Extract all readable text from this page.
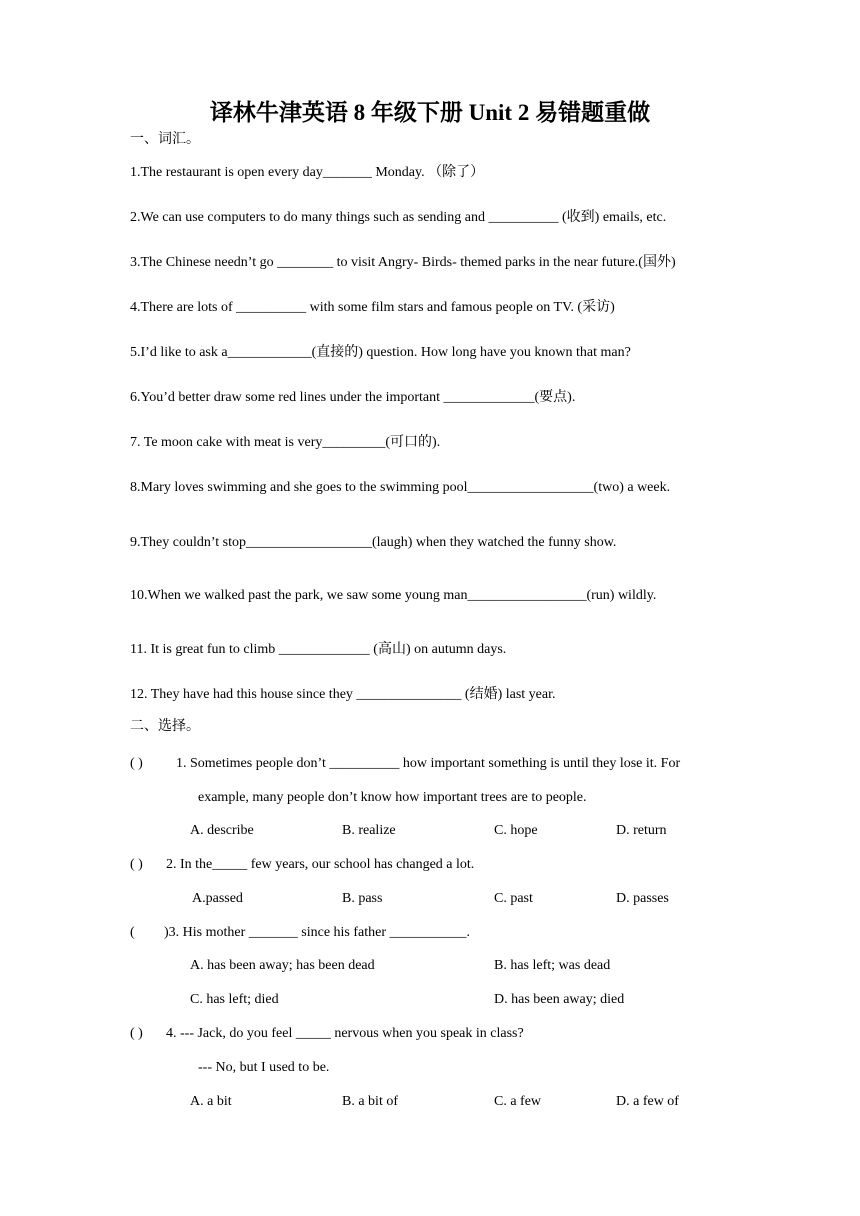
译林牛津英语 8 年级下册 Unit 2 易错题重做
一、词汇。
1.The restaurant is open every day_______ Monday. （除了）
2.We can use computers to do many things such as sending and __________ (收到) emails, etc.
3.The Chinese needn’t go ________ to visit Angry- Birds- themed parks in the near future.(国外)
4.There are lots of __________ with some film stars and famous people on TV. (采访)
5.I’d like to ask a____________(直接的) question. How long have you known that man?
6.You’d better draw some red lines under the important _____________(要点).
7. Te moon cake with meat is very_________(可口的).
8.Mary loves swimming and she goes to the swimming pool__________________(two) a week.
9.They couldn’t stop__________________(laugh) when they watched the funny show.
10.When we walked past the park, we saw some young man_________________(run) wildly.
11. It is great fun to climb _____________ (高山) on autumn days.
12. They have had this house since they _______________ (结婚) last year.
二、选择。
( ) 1. Sometimes people don’t __________ how important something is until they lose it. For
example, many people don’t know how important trees are to people.
A. describe	B. realize	C. hope	D. return
( ) 2. In the_____ few years, our school has changed a lot.
A.passed	B. pass	C. past	D. passes
( )3. His mother _______ since his father ___________.
A. has been away; has been dead	B. has left; was dead
C. has left; died	D. has been away; died
( ) 4. --- Jack, do you feel _____ nervous when you speak in class?
--- No, but I used to be.
A. a bit	B. a bit of	C. a few	D. a few of
